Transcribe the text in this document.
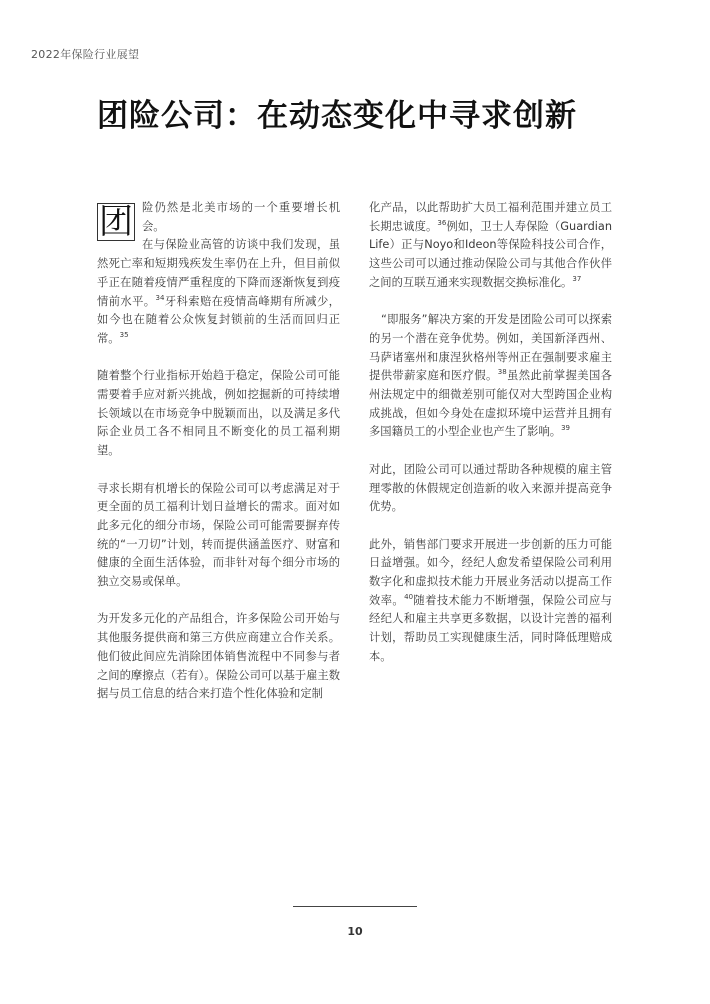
2022年保险行业展望
团险公司：在动态变化中寻求创新

团 险仍然是北美市场的一个重要增长机会。

在与保险业高管的访谈中我们发现，虽然死亡率和短期残疾发生率仍在上升，但目前似乎正在随着疫情严重程度的下降而逐渐恢复到疫情前水平。$^{34}$牙科索赔在疫情高峰期有所减少，如今也在随着公众恢复封锁前的生活而回归正常。$^{35}$

随着整个行业指标开始趋于稳定，保险公司可能需要着手应对新兴挑战，例如挖掘新的可持续增长领域以在市场竞争中脱颖而出，以及满足多代际企业员工各不相同且不断变化的员工福利期望。

寻求长期有机增长的保险公司可以考虑满足对于更全面的员工福利计划日益增长的需求。面对如此多元化的细分市场，保险公司可能需要摒弃传统的“一刀切”计划，转而提供涵盖医疗、财富和健康的全面生活体验，而非针对每个细分市场的独立交易或保单。

为开发多元化的产品组合，许多保险公司开始与其他服务提供商和第三方供应商建立合作关系。他们彼此间应先消除团体销售流程中不同参与者之间的摩擦点（若有）。保险公司可以基于雇主数据与员工信息的结合来打造个性化体验和定制

化产品，以此帮助扩大员工福利范围并建立员工长期忠诚度。$^{36}$例如，卫士人寿保险（Guardian Life）正与Noyo和Ideon等保险科技公司合作，这些公司可以通过推动保险公司与其他合作伙伴之间的互联互通来实现数据交换标准化。$^{37}$

“即服务”解决方案的开发是团险公司可以探索的另一个潜在竞争优势。例如，美国新泽西州、马萨诸塞州和康涅狄格州等州正在强制要求雇主提供带薪家庭和医疗假。$^{38}$虽然此前掌握美国各州法规定中的细微差别可能仅对大型跨国企业构成挑战，但如今身处在虚拟环境中运营并且拥有多国籍员工的小型企业也产生了影响。$^{39}$

对此，团险公司可以通过帮助各种规模的雇主管理零散的休假规定创造新的收入来源并提高竞争优势。

此外，销售部门要求开展进一步创新的压力可能日益增强。如今，经纪人愈发希望保险公司利用数字化和虚拟技术能力开展业务活动以提高工作效率。$^{40}$随着技术能力不断增强，保险公司应与经纪人和雇主共享更多数据，以设计完善的福利计划，帮助员工实现健康生活，同时降低理赔成本。

10
